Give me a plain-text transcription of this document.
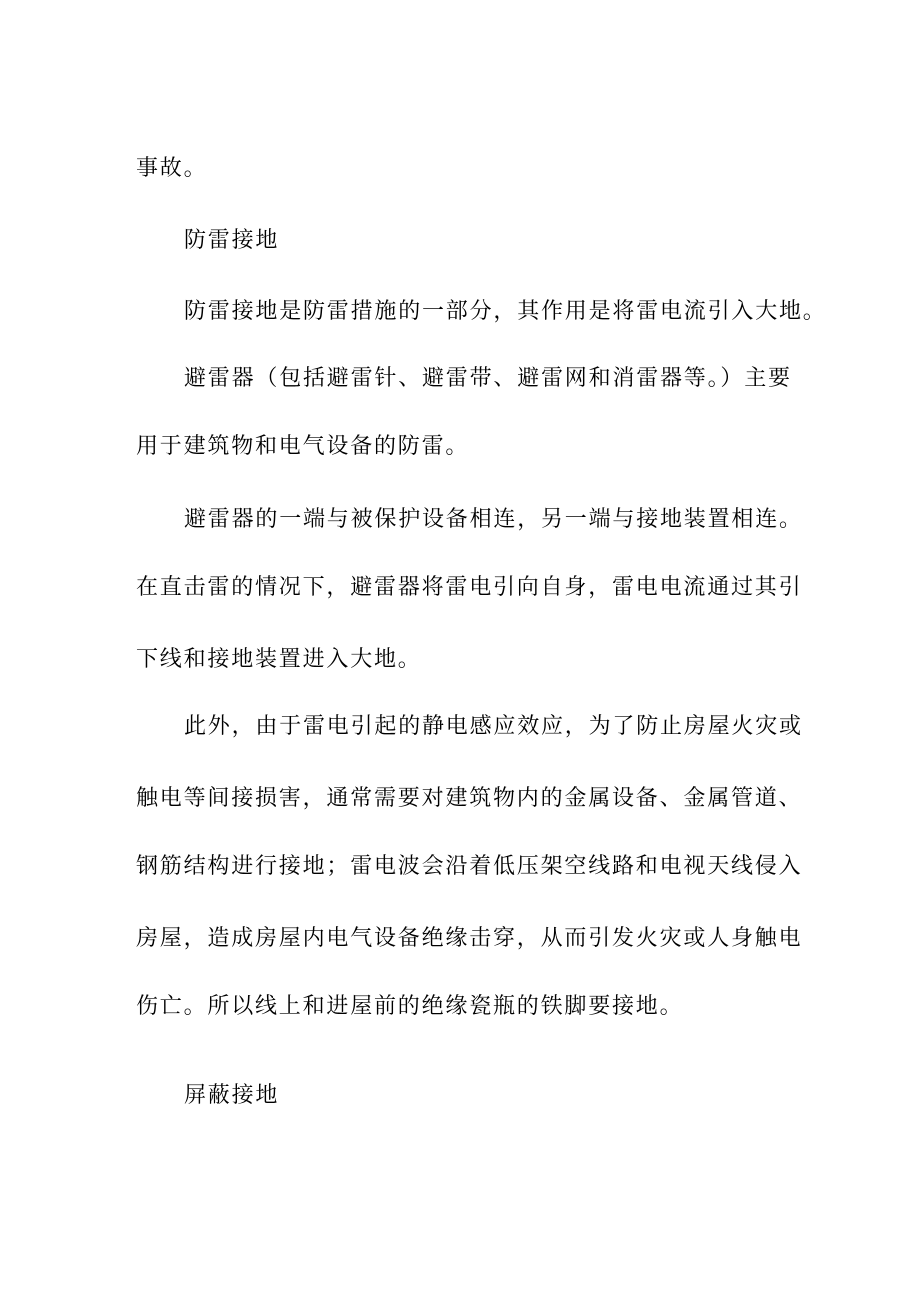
事故。
防雷接地
防雷接地是防雷措施的一部分，其作用是将雷电流引入大地。
避雷器（包括避雷针、避雷带、避雷网和消雷器等。）主要
用于建筑物和电气设备的防雷。
避雷器的一端与被保护设备相连，另一端与接地装置相连。
在直击雷的情况下，避雷器将雷电引向自身，雷电电流通过其引
下线和接地装置进入大地。
此外，由于雷电引起的静电感应效应，为了防止房屋火灾或
触电等间接损害，通常需要对建筑物内的金属设备、金属管道、
钢筋结构进行接地；雷电波会沿着低压架空线路和电视天线侵入
房屋，造成房屋内电气设备绝缘击穿，从而引发火灾或人身触电
伤亡。所以线上和进屋前的绝缘瓷瓶的铁脚要接地。
屏蔽接地
